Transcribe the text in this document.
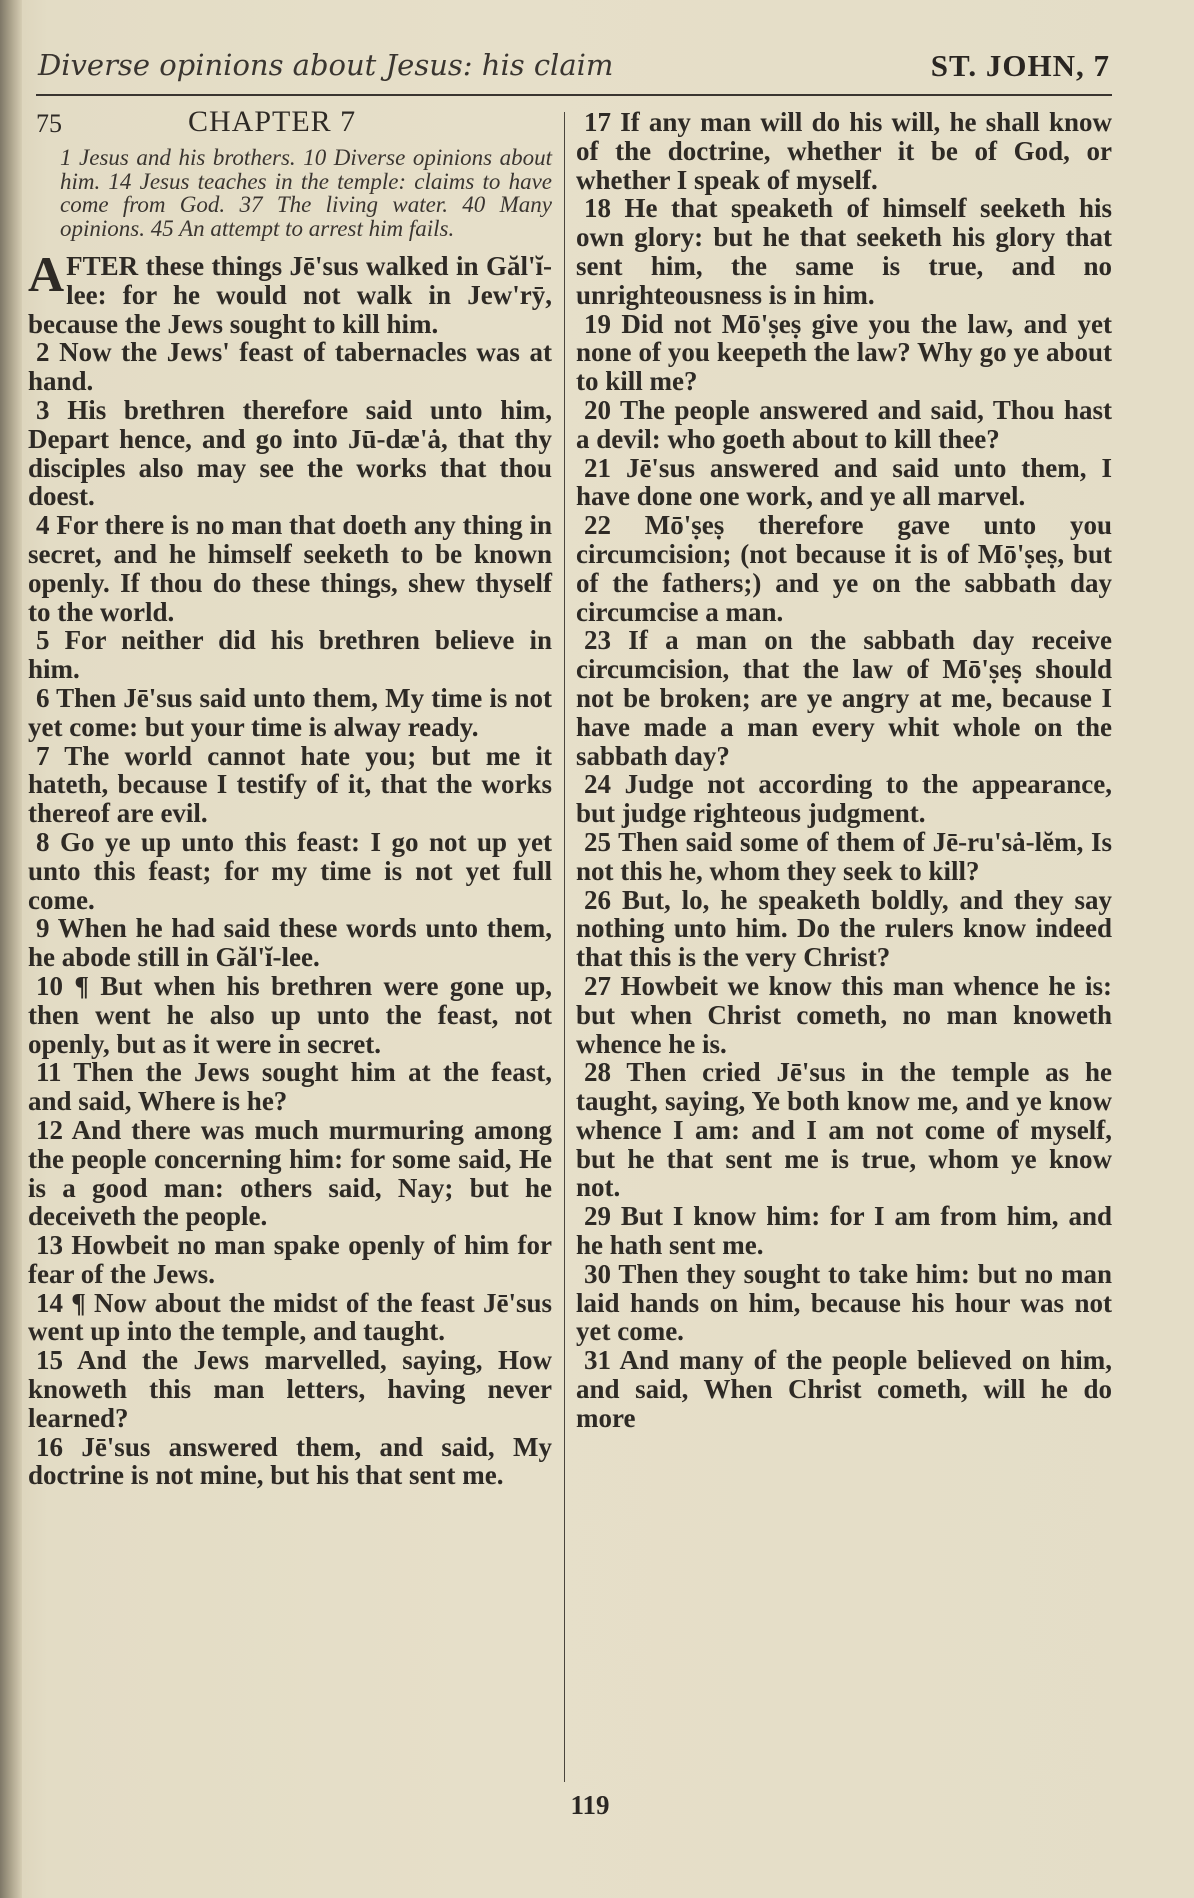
Diverse opinions about Jesus: his claim	ST. JOHN, 7
75	CHAPTER 7
1 Jesus and his brothers. 10 Diverse opinions about him. 14 Jesus teaches in the temple: claims to have come from God. 37 The living water. 40 Many opinions. 45 An attempt to arrest him fails.

AFTER these things Jē'sus walked in Găl'ĭ-lee: for he would not walk in Jew'rȳ, because the Jews sought to kill him.

2 Now the Jews' feast of tabernacles was at hand.

3 His brethren therefore said unto him, Depart hence, and go into Jū-dæ'ȧ, that thy disciples also may see the works that thou doest.

4 For there is no man that doeth any thing in secret, and he himself seeketh to be known openly. If thou do these things, shew thyself to the world.

5 For neither did his brethren believe in him.

6 Then Jē'sus said unto them, My time is not yet come: but your time is alway ready.

7 The world cannot hate you; but me it hateth, because I testify of it, that the works thereof are evil.

8 Go ye up unto this feast: I go not up yet unto this feast; for my time is not yet full come.

9 When he had said these words unto them, he abode still in Găl'ĭ-lee.

10 ¶ But when his brethren were gone up, then went he also up unto the feast, not openly, but as it were in secret.

11 Then the Jews sought him at the feast, and said, Where is he?

12 And there was much murmuring among the people concerning him: for some said, He is a good man: others said, Nay; but he deceiveth the people.

13 Howbeit no man spake openly of him for fear of the Jews.

14 ¶ Now about the midst of the feast Jē'sus went up into the temple, and taught.

15 And the Jews marvelled, saying, How knoweth this man letters, having never learned?

16 Jē'sus answered them, and said, My doctrine is not mine, but his that sent me.

17 If any man will do his will, he shall know of the doctrine, whether it be of God, or whether I speak of myself.

18 He that speaketh of himself seeketh his own glory: but he that seeketh his glory that sent him, the same is true, and no unrighteousness is in him.

19 Did not Mō'ṣeṣ give you the law, and yet none of you keepeth the law? Why go ye about to kill me?

20 The people answered and said, Thou hast a devil: who goeth about to kill thee?

21 Jē'sus answered and said unto them, I have done one work, and ye all marvel.

22 Mō'ṣeṣ therefore gave unto you circumcision; (not because it is of Mō'ṣeṣ, but of the fathers;) and ye on the sabbath day circumcise a man.

23 If a man on the sabbath day receive circumcision, that the law of Mō'ṣeṣ should not be broken; are ye angry at me, because I have made a man every whit whole on the sabbath day?

24 Judge not according to the appearance, but judge righteous judgment.

25 Then said some of them of Jē-ru'sȧ-lĕm, Is not this he, whom they seek to kill?

26 But, lo, he speaketh boldly, and they say nothing unto him. Do the rulers know indeed that this is the very Christ?

27 Howbeit we know this man whence he is: but when Christ cometh, no man knoweth whence he is.

28 Then cried Jē'sus in the temple as he taught, saying, Ye both know me, and ye know whence I am: and I am not come of myself, but he that sent me is true, whom ye know not.

29 But I know him: for I am from him, and he hath sent me.

30 Then they sought to take him: but no man laid hands on him, because his hour was not yet come.

31 And many of the people believed on him, and said, When Christ cometh, will he do more

119
